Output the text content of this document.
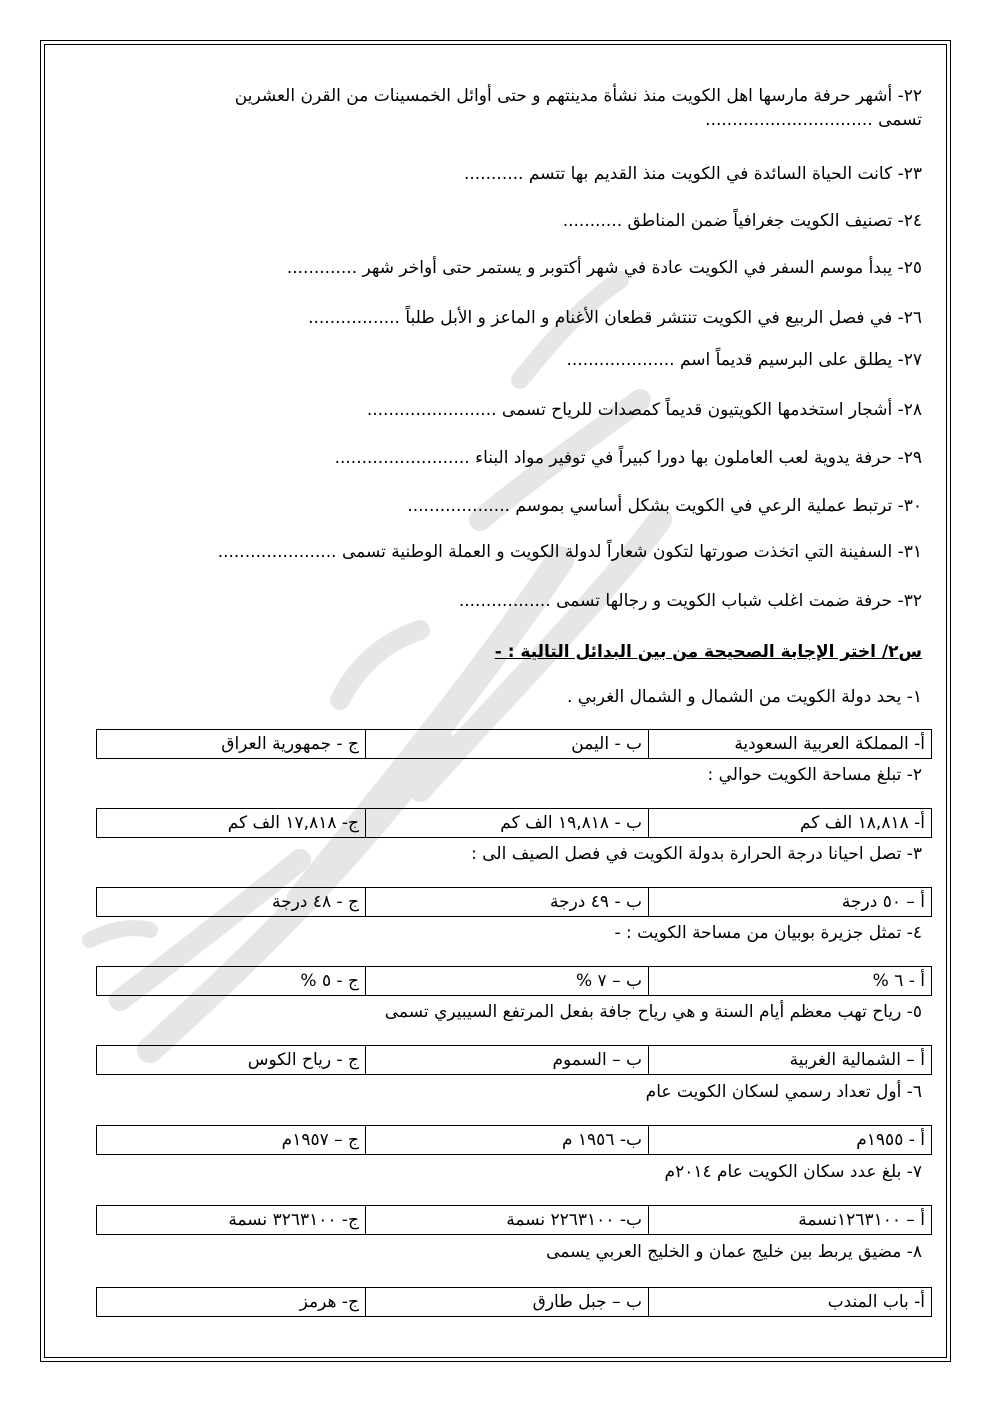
٢٢- أشهر حرفة مارسها اهل الكويت منذ نشأة مدينتهم و حتى أوائل الخمسينات من القرن العشرين
تسمى ...............................
٢٣- كانت الحياة السائدة في الكويت منذ القديم بها تتسم ...........
٢٤- تصنيف الكويت جغرافياً ضمن المناطق ...........
٢٥- يبدأ موسم السفر في الكويت عادة في شهر أكتوبر و يستمر حتى أواخر شهر .............
٢٦- في فصل الربيع في الكويت تنتشر قطعان الأغنام و الماعز و الأبل طلباً .................
٢٧- يطلق على البرسيم قديماً اسم ....................
٢٨- أشجار استخدمها الكويتيون قديماً كمصدات للرياح تسمى ........................
٢٩- حرفة يدوية لعب العاملون بها دورا كبيراً في توفير مواد البناء .........................
٣٠- ترتبط عملية الرعي في الكويت بشكل أساسي بموسم ...................
٣١- السفينة التي اتخذت صورتها لتكون شعاراً لدولة الكويت و العملة الوطنية تسمى ......................
٣٢- حرفة ضمت اغلب شباب الكويت و رجالها تسمى .................
س٢/ اختر الإجابة الصحيحة من بين البدائل التالية : -
١- يحد دولة الكويت من الشمال و الشمال الغربي .
أ- المملكة العربية السعودية	ب - اليمن	ج - جمهورية العراق
٢- تبلغ مساحة الكويت حوالي :
أ- ١٨,٨١٨ الف كم	ب - ١٩,٨١٨ الف كم	ج- ١٧,٨١٨ الف كم
٣- تصل احيانا درجة الحرارة بدولة الكويت في فصل الصيف الى :
أ – ٥٠ درجة	ب - ٤٩ درجة	ج - ٤٨ درجة
٤- تمثل جزيرة بوبيان من مساحة الكويت : -
أ - ٦ %	ب – ٧ %	ج - ٥ %
٥- رياح تهب معظم أيام السنة و هي رياح جافة بفعل المرتفع السيبيري تسمى
أ – الشمالية الغربية	ب – السموم	ج - رياح الكوس
٦- أول تعداد رسمي لسكان الكويت عام
أ - ١٩٥٥م	ب- ١٩٥٦ م	ج – ١٩٥٧م
٧- بلغ عدد سكان الكويت عام ٢٠١٤م
أ – ١٢٦٣١٠٠نسمة	ب- ٢٢٦٣١٠٠ نسمة	ج- ٣٢٦٣١٠٠ نسمة
٨- مضيق يربط بين خليج عمان و الخليج العربي يسمى
أ- باب المندب	ب – جبل طارق	ج- هرمز
